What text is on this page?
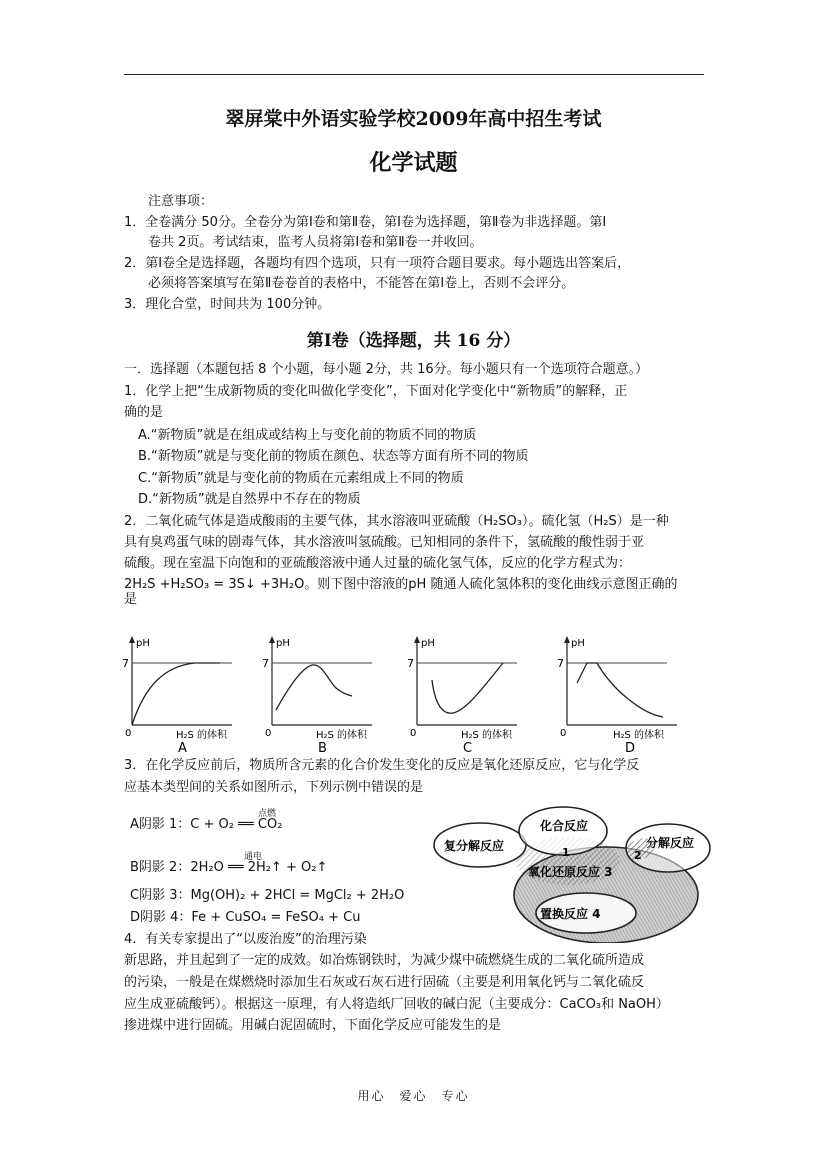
翠屏棠中外语实验学校2009年高中招生考试
化学试题
注意事项：
1．全卷满分 50分。全卷分为第Ⅰ卷和第Ⅱ卷，第Ⅰ卷为选择题，第Ⅱ卷为非选择题。第Ⅰ
卷共 2页。考试结束，监考人员将第Ⅰ卷和第Ⅱ卷一并收回。
2．第Ⅰ卷全是选择题，各题均有四个选项，只有一项符合题目要求。每小题选出答案后，
必须将答案填写在第Ⅱ卷卷首的表格中，不能答在第Ⅰ卷上，否则不会评分。
3．理化合堂，时间共为 100分钟。
第Ⅰ卷（选择题，共 16 分）
一．选择题（本题包括 8 个小题，每小题 2分，共 16分。每小题只有一个选项符合题意。）
1．化学上把“生成新物质的变化叫做化学变化”，下面对化学变化中“新物质”的解释，正
确的是
A.“新物质”就是在组成或结构上与变化前的物质不同的物质
B.“新物质”就是与变化前的物质在颜色、状态等方面有所不同的物质
C.“新物质”就是与变化前的物质在元素组成上不同的物质
D.“新物质”就是自然界中不存在的物质
2．二氧化硫气体是造成酸雨的主要气体，其水溶液叫亚硫酸（H₂SO₃）。硫化氢（H₂S）是一种
具有臭鸡蛋气味的剧毒气体，其水溶液叫氢硫酸。已知相同的条件下，氢硫酸的酸性弱于亚
硫酸。现在室温下向饱和的亚硫酸溶液中通人过量的硫化氢气体，反应的化学方程式为：
2H₂S +H₂SO₃ = 3S↓ +3H₂O。则下图中溶液的pH 随通人硫化氢体积的变化曲线示意图正确的
是
pH
7
0	H₂S 的体积
A
pH
7
0	H₂S 的体积
B
pH
7
0	H₂S 的体积
C
pH
7
0	H₂S 的体积
D
3．在化学反应前后，物质所含元素的化合价发生变化的反应是氧化还原反应，它与化学反
应基本类型间的关系如图所示，下列示例中错误的是
A阴影 1：C + O₂ ══ CO₂
点燃
B阴影 2：2H₂O ══ 2H₂↑ + O₂↑
通电
C阴影 3：Mg(OH)₂ + 2HCl = MgCl₂ + 2H₂O
D阴影 4：Fe + CuSO₄ = FeSO₄ + Cu
复分解反应
化合反应
分解反应
氧化还原反应 3
置换反应 4
1	2
4．有关专家提出了“以废治废”的治理污染
新思路，并且起到了一定的成效。如冶炼钢铁时，为减少煤中硫燃烧生成的二氧化硫所造成
的污染，一般是在煤燃烧时添加生石灰或石灰石进行固硫（主要是利用氧化钙与二氧化硫反
应生成亚硫酸钙）。根据这一原理，有人将造纸厂回收的碱白泥（主要成分：CaCO₃和 NaOH）
掺进煤中进行固硫。用碱白泥固硫时，下面化学反应可能发生的是
用心　爱心　专心
